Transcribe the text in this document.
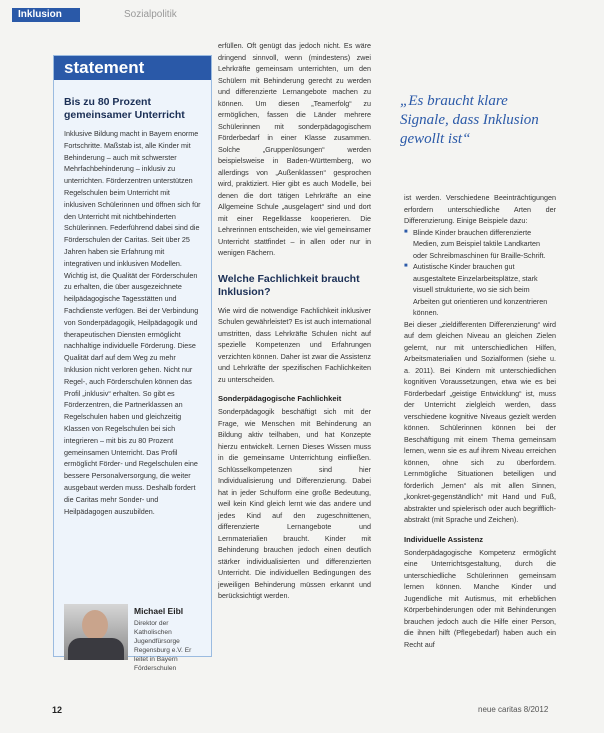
Inklusion	Sozialpolitik
statement
Bis zu 80 Prozent gemeinsamer Unterricht
Inklusive Bildung macht in Bayern enorme Fortschritte. Maßstab ist, alle Kinder mit Behinderung – auch mit schwerster Mehrfachbehinderung – inklusiv zu unterrichten. Förderzentren unterstützen Regelschulen beim Unterricht mit inklusiven Schülerinnen und öffnen sich für den Unterricht mit nichtbehinderten Schülerinnen. Federführend dabei sind die Förderschulen der Caritas. Seit über 25 Jahren haben sie Erfahrung mit integrativen und inklusiven Modellen. Wichtig ist, die Qualität der Förderschulen zu erhalten, die über ausgezeichnete heilpädagogische Tagesstätten und Fachdienste verfügen. Bei der Verbindung von Sonderpädagogik, Heilpädagogik und therapeutischen Diensten ermöglicht nachhaltige individuelle Förderung. Diese Qualität darf auf dem Weg zu mehr Inklusion nicht verloren gehen. Nicht nur Regel-, auch Förderschulen können das Profil „inklusiv“ erhalten. So gibt es Förderzentren, die Partnerklassen an Regelschulen haben und gleichzeitig Klassen von Regelschulen bei sich integrieren – mit bis zu 80 Prozent gemeinsamen Unterricht. Das Profil ermöglicht Förder- und Regelschulen eine bessere Personalversorgung, die weiter ausgebaut werden muss. Deshalb fordert die Caritas mehr Sonder- und Heilpädagogen auszubilden.
Michael Eibl
Direktor der Katholischen Jugendfürsorge Regensburg e.V. Er leitet in Bayern Förderschulen

erfüllen. Oft genügt das jedoch nicht. Es wäre dringend sinnvoll, wenn (mindestens) zwei Lehrkräfte gemeinsam unterrichten, um den Schülern mit Behinderung gerecht zu werden und differenzierte Lernangebote machen zu können. Um diesen „Teamerfolg“ zu ermöglichen, fassen die Länder mehrere Schülerinnen mit sonderpädagogischem Förderbedarf in einer Klasse zusammen. Solche „Gruppenlösungen“ werden beispielsweise in Baden-Württemberg, wo allerdings von „Außenklassen“ gesprochen wird, praktiziert. Hier gibt es auch Modelle, bei denen die dort tätigen Lehrkräfte an eine Allgemeine Schule „ausgelagert“ sind und dort mit einer Regelklasse kooperieren. Die Lehrerinnen entscheiden, wie viel gemeinsamer Unterricht stattfindet – in allen oder nur in wenigen Fächern.

Welche Fachlichkeit braucht Inklusion?

Wie wird die notwendige Fachlichkeit inklusiver Schulen gewährleistet? Es ist auch international umstritten, dass Lehrkräfte Schulen nicht auf spezielle Kompetenzen und Erfahrungen verzichten können. Daher ist zwar die Assistenz und Lehrkräfte der spezifischen Fachlichkeiten zu unterscheiden.

Sonderpädagogische Fachlichkeit

Sonderpädagogik beschäftigt sich mit der Frage, wie Menschen mit Behinderung an Bildung aktiv teilhaben, und hat Konzepte hierzu entwickelt. Lernen Dieses Wissen muss in die gemeinsame Unterrichtung einfließen. Schlüsselkompetenzen sind hier Individualisierung und Differenzierung. Dabei hat in jeder Schulform eine große Bedeutung, weil kein Kind gleich lernt wie das andere und jedes Kind auf den zugeschnittenen, differenzierte Lernangebote und Lernmaterialien braucht. Kinder mit Behinderung brauchen jedoch einen deutlich stärker individualisierten und differenzierten Unterricht. Die individuellen Bedingungen des jeweiligen Behinderung müssen erkannt und berücksichtigt werden.

„Es braucht klare Signale, dass Inklusion gewollt ist“

ist werden. Verschiedene Beeinträchtigungen erfordern unterschiedliche Arten der Differenzierung. Einige Beispiele dazu:

■ Blinde Kinder brauchen differenzierte Medien, zum Beispiel taktile Landkarten oder Schreibmaschinen für Braille-Schrift.
■ Autistische Kinder brauchen gut ausgestaltete Einzelarbeitsplätze, stark visuell strukturierte, wo sie sich beim Arbeiten gut orientieren und konzentrieren können.

Bei dieser „zieldifferenten Differenzierung“ wird auf dem gleichen Niveau an gleichen Zielen gelernt, nur mit unterschiedlichen Hilfen, Arbeitsmaterialien und Sozialformen (siehe u. a. 2011). Bei Kindern mit unterschiedlichen kognitiven Voraussetzungen, etwa wie es bei Förderbedarf „geistige Entwicklung“ ist, muss der Unterricht zielgleich werden, dass verschiedene kognitive Niveaus gezielt werden können. Schülerinnen können bei der Beschäftigung mit einem Thema gemeinsam lernen, wenn sie es auf ihrem Niveau erreichen können, ohne sich zu überfordern. Lernmögliche Situationen beteiligen und förderlich „lernen“ als mit allen Sinnen, „konkret-gegenständlich“ mit Hand und Fuß, abstrakter und spielerisch oder auch begrifflich-abstrakt (mit Sprache und Zeichen).

Individuelle Assistenz

Sonderpädagogische Kompetenz ermöglicht eine Unterrichtsgestaltung, durch die unterschiedliche Schülerinnen gemeinsam lernen können. Manche Kinder und Jugendliche mit Autismus, mit erheblichen Körperbehinderungen oder mit Behinderungen brauchen jedoch auch die Hilfe einer Person, die ihnen hilft (Pflegebedarf) haben auch ein Recht auf

12	neue caritas 8/2012
